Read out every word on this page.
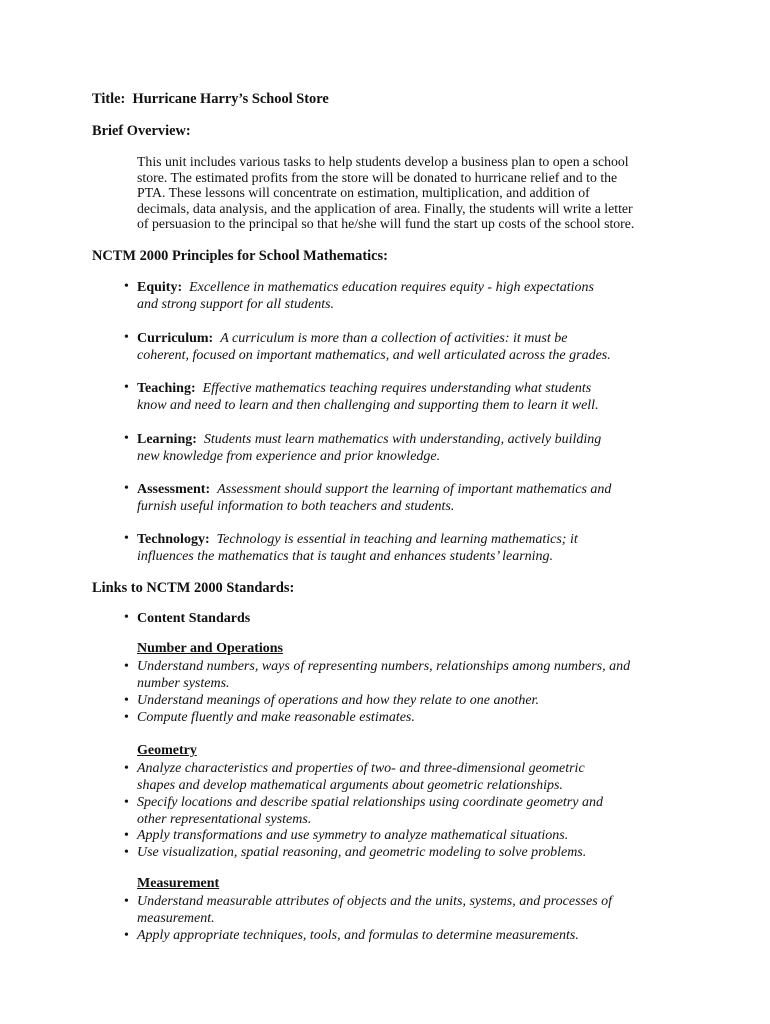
Title: Hurricane Harry’s School Store
Brief Overview:
This unit includes various tasks to help students develop a business plan to open a school
store. The estimated profits from the store will be donated to hurricane relief and to the
PTA. These lessons will concentrate on estimation, multiplication, and addition of
decimals, data analysis, and the application of area. Finally, the students will write a letter
of persuasion to the principal so that he/she will fund the start up costs of the school store.
NCTM 2000 Principles for School Mathematics:
• Equity: Excellence in mathematics education requires equity - high expectations
and strong support for all students.
• Curriculum: A curriculum is more than a collection of activities: it must be
coherent, focused on important mathematics, and well articulated across the grades.
• Teaching: Effective mathematics teaching requires understanding what students
know and need to learn and then challenging and supporting them to learn it well.
• Learning: Students must learn mathematics with understanding, actively building
new knowledge from experience and prior knowledge.
• Assessment: Assessment should support the learning of important mathematics and
furnish useful information to both teachers and students.
• Technology: Technology is essential in teaching and learning mathematics; it
influences the mathematics that is taught and enhances students’ learning.
Links to NCTM 2000 Standards:
• Content Standards
Number and Operations
• Understand numbers, ways of representing numbers, relationships among numbers, and
number systems.
• Understand meanings of operations and how they relate to one another.
• Compute fluently and make reasonable estimates.
Geometry
• Analyze characteristics and properties of two- and three-dimensional geometric
shapes and develop mathematical arguments about geometric relationships.
• Specify locations and describe spatial relationships using coordinate geometry and
other representational systems.
• Apply transformations and use symmetry to analyze mathematical situations.
• Use visualization, spatial reasoning, and geometric modeling to solve problems.
Measurement
• Understand measurable attributes of objects and the units, systems, and processes of
measurement.
• Apply appropriate techniques, tools, and formulas to determine measurements.
